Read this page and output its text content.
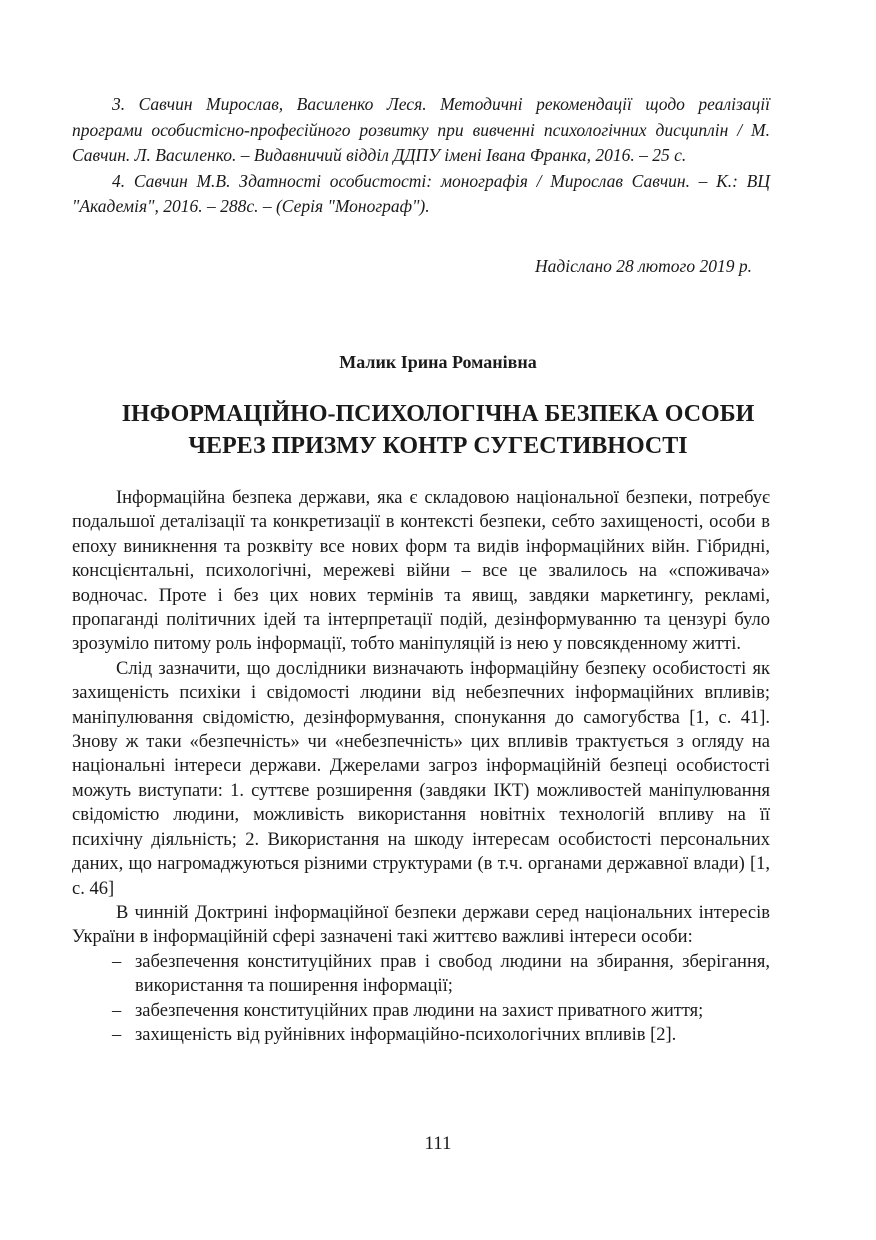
3. Савчин Мирослав, Василенко Леся. Методичні рекомендації щодо реалізації програми особистісно-професійного розвитку при вивченні психологічних дисциплін / М. Савчин. Л. Василенко. – Видавничий відділ ДДПУ імені Івана Франка, 2016. – 25 с.

4. Савчин М.В. Здатності особистості: монографія / Мирослав Савчин. – К.: ВЦ "Академія", 2016. – 288с. – (Серія "Монограф").

Надіслано 28 лютого 2019 р.
Малик Ірина Романівна
ІНФОРМАЦІЙНО-ПСИХОЛОГІЧНА БЕЗПЕКА ОСОБИ
ЧЕРЕЗ ПРИЗМУ КОНТР СУГЕСТИВНОСТІ

Інформаційна безпека держави, яка є складовою національної безпеки, потребує подальшої деталізації та конкретизації в контексті безпеки, себто захищеності, особи в епоху виникнення та розквіту все нових форм та видів інформаційних війн. Гібридні, консцієнтальні, психологічні, мережеві війни – все це звалилось на «споживача» водночас. Проте і без цих нових термінів та явищ, завдяки маркетингу, рекламі, пропаганді політичних ідей та інтерпретації подій, дезінформуванню та цензурі було зрозуміло питому роль інформації, тобто маніпуляцій із нею у повсякденному житті.

Слід зазначити, що дослідники визначають інформаційну безпеку особистості як захищеність психіки і свідомості людини від небезпечних інформаційних впливів; маніпулювання свідомістю, дезінформування, спонукання до самогубства [1, с. 41]. Знову ж таки «безпечність» чи «небезпечність» цих впливів трактується з огляду на національні інтереси держави. Джерелами загроз інформаційній безпеці особистості можуть виступати: 1. суттєве розширення (завдяки ІКТ) можливостей маніпулювання свідомістю людини, можливість використання новітніх технологій впливу на її психічну діяльність; 2. Використання на шкоду інтересам особистості персональних даних, що нагромаджуються різними структурами (в т.ч. органами державної влади) [1, с. 46]

В чинній Доктрині інформаційної безпеки держави серед національних інтересів України в інформаційній сфері зазначені такі життєво важливі інтереси особи:

– забезпечення конституційних прав і свобод людини на збирання, зберігання, використання та поширення інформації;
– забезпечення конституційних прав людини на захист приватного життя;
– захищеність від руйнівних інформаційно-психологічних впливів [2].
111
